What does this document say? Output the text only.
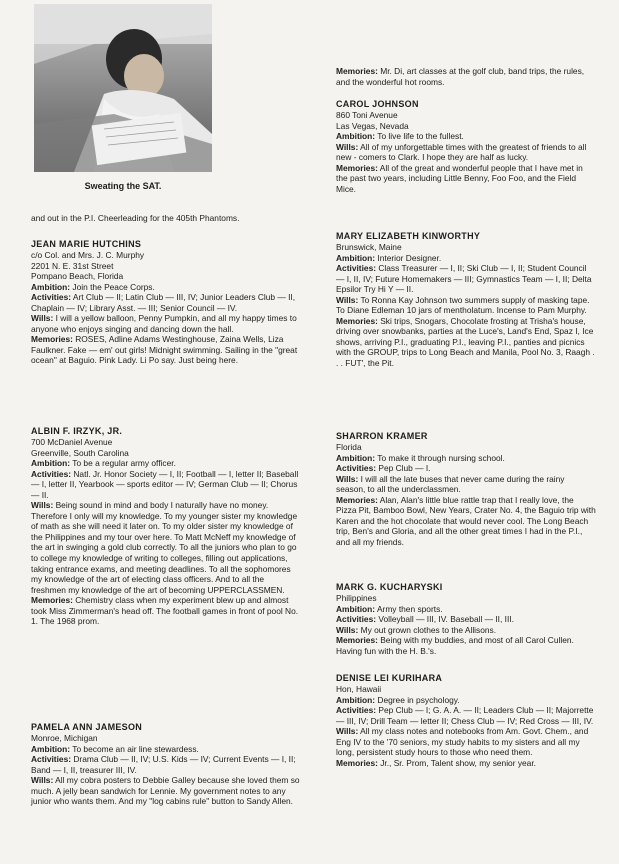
Sweating the SAT.
and out in the P.I. Cheerleading for the 405th Phantoms.
JEAN MARIE HUTCHINS

c/o Col. and Mrs. J. C. Murphy

2201 N. E. 31st Street

Pompano Beach, Florida

Ambition: Join the Peace Corps.

Activities: Art Club — II; Latin Club — III, IV; Junior Leaders Club — II, Chaplain — IV; Library Asst. — III; Senior Council — IV.

Wills: I will a yellow balloon, Penny Pumpkin, and all my happy times to anyone who enjoys singing and dancing down the hall.

Memories: ROSES, Adline Adams Westinghouse, Zaina Wells, Liza Faulkner. Fake — em' out girls! Midnight swimming. Sailing in the "great ocean" at Baguio. Pink Lady. Li Po say. Just being here.

ALBIN F. IRZYK, JR.

700 McDaniel Avenue

Greenville, South Carolina

Ambition: To be a regular army officer.

Activities: Natl. Jr. Honor Society — I, II; Football — I, letter II; Baseball — I, letter II, Yearbook — sports editor — IV; German Club — II; Chorus — II.

Wills: Being sound in mind and body I naturally have no money. Therefore I only will my knowledge. To my younger sister my knowledge of math as she will need it later on. To my older sister my knowledge of the Philippines and my tour over here. To Matt McNeff my knowledge of the art in swinging a gold club correctly. To all the juniors who plan to go to college my knowledge of writing to colleges, filling out applications, taking entrance exams, and meeting deadlines. To all the sophomores my knowledge of the art of electing class officers. And to all the freshmen my knowledge of the art of becoming UPPERCLASSMEN.

Memories: Chemistry class when my experiment blew up and almost took Miss Zimmerman's head off. The football games in front of pool No. 1. The 1968 prom.

PAMELA ANN JAMESON

Monroe, Michigan

Ambition: To become an air line stewardess.

Activities: Drama Club — II, IV; U.S. Kids — IV; Current Events — I, II; Band — I, II, treasurer III, IV.

Wills: All my cobra posters to Debbie Galley because she loved them so much. A jelly bean sandwich for Lennie. My government notes to any junior who wants them. And my "log cabins rule" button to Sandy Allen.

Memories: Mr. Di, art classes at the golf club, band trips, the rules, and the wonderful hot rooms.

CAROL JOHNSON

860 Toni Avenue

Las Vegas, Nevada

Ambition: To live life to the fullest.

Wills: All of my unforgettable times with the greatest of friends to all new - comers to Clark. I hope they are half as lucky.

Memories: All of the great and wonderful people that I have met in the past two years, including Little Benny, Foo Foo, and the Field Mice.

MARY ELIZABETH KINWORTHY

Brunswick, Maine

Ambition: Interior Designer.

Activities: Class Treasurer — I, II; Ski Club — I, II; Student Council — I, II, IV; Future Homemakers — III; Gymnastics Team — I, II; Delta Epsilor Try Hi Y — II.

Wills: To Ronna Kay Johnson two summers supply of masking tape. To Diane Edleman 10 jars of mentholatum. Incense to Pam Murphy.

Memories: Ski trips, Snogars, Chocolate frosting at Trisha's house, driving over snowbanks, parties at the Luce's, Land's End, Spaz I, Ice shows, arriving P.I., graduating P.I., leaving P.I., panties and picnics with the GROUP, trips to Long Beach and Manila, Pool No. 3, Raagh . . . FUT', the Pit.

SHARRON KRAMER

Florida

Ambition: To make it through nursing school.

Activities: Pep Club — I.

Wills: I will all the late buses that never came during the rainy season, to all the underclassmen.

Memories: Alan, Alan's little blue rattle trap that I really love, the Pizza Pit, Bamboo Bowl, New Years, Crater No. 4, the Baguio trip with Karen and the hot chocolate that would never cool. The Long Beach trip, Ben's and Gloria, and all the other great times I had in the P.I., and all my friends.

MARK G. KUCHARYSKI

Philippines

Ambition: Army then sports.

Activities: Volleyball — III, IV. Baseball — II, III.

Wills: My out grown clothes to the Allisons.

Memories: Being with my buddies, and most of all Carol Cullen. Having fun with the H. B.'s.

DENISE LEI KURIHARA

Hon, Hawaii

Ambition: Degree in psychology.

Activities: Pep Club — I; G. A. A. — II; Leaders Club — II; Majorrette — III, IV; Drill Team — letter II; Chess Club — IV; Red Cross — III, IV.

Wills: All my class notes and notebooks from Am. Govt. Chem., and Eng IV to the '70 seniors, my study habits to my sisters and all my long, persistent study hours to those who need them.

Memories: Jr., Sr. Prom, Talent show, my senior year.
